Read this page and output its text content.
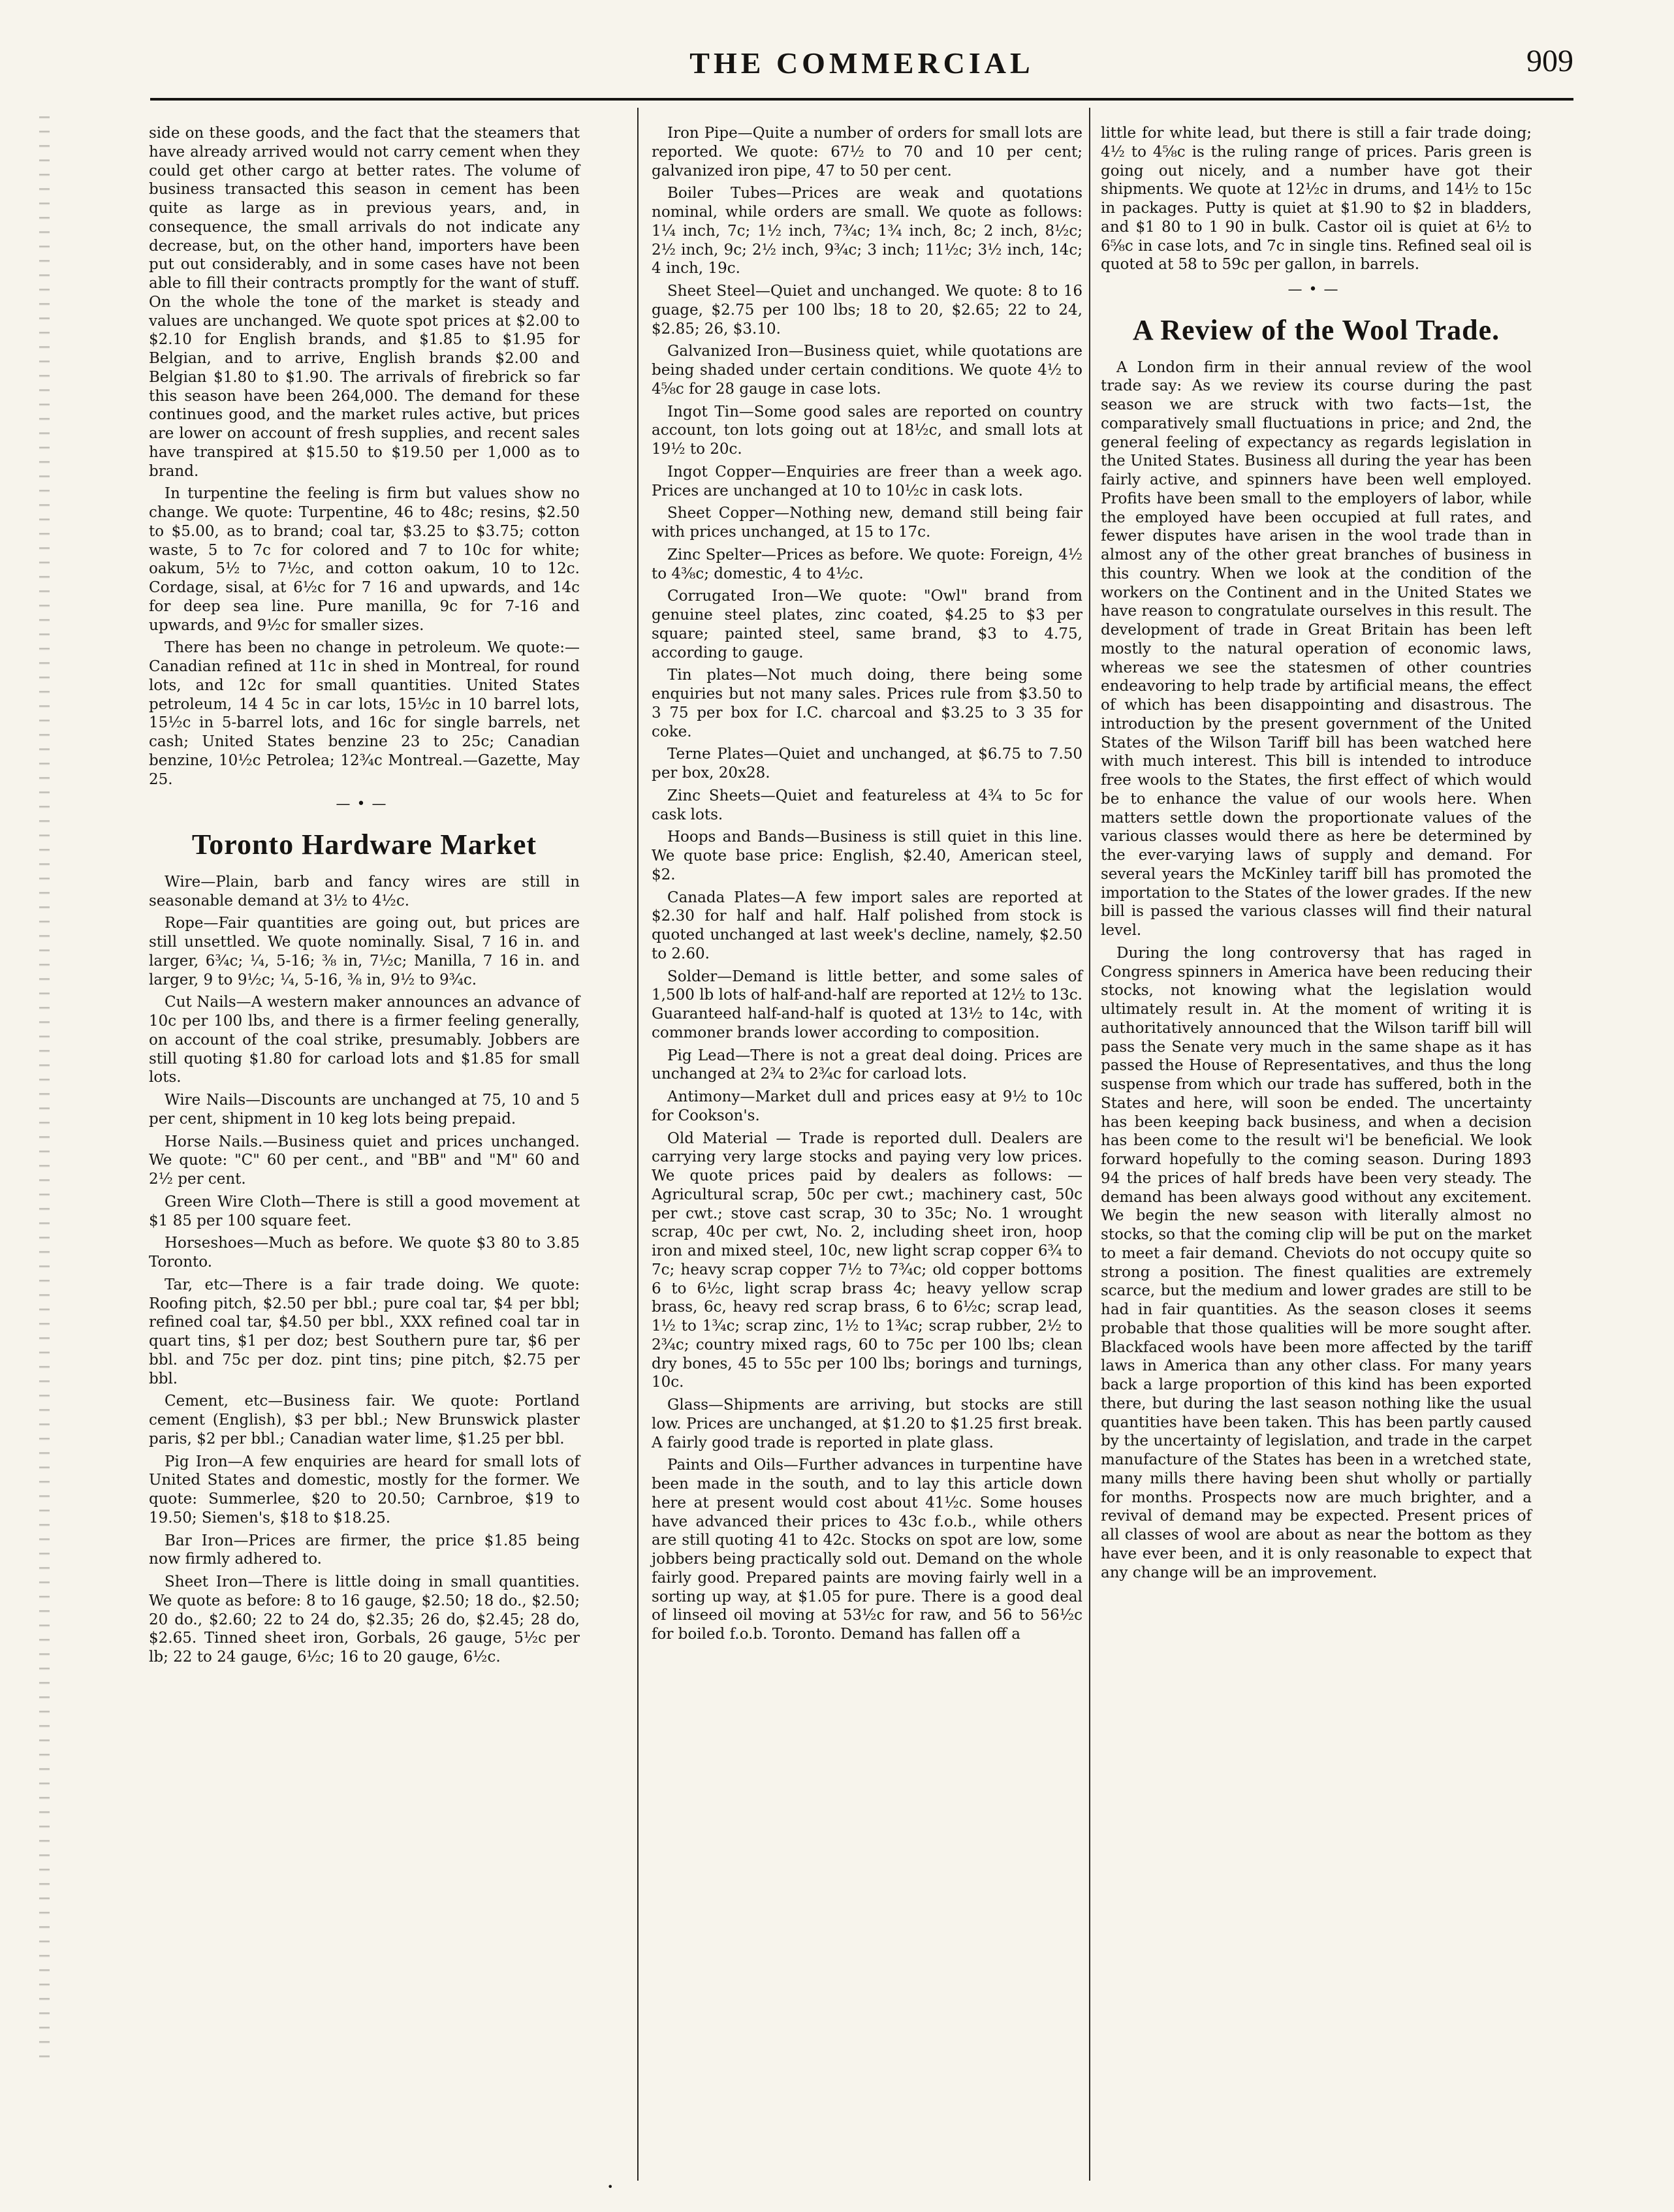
THE COMMERCIAL	909

side on these goods, and the fact that the steamers that have already arrived would not carry cement when they could get other cargo at better rates. The volume of business transacted this season in cement has been quite as large as in previous years, and, in consequence, the small arrivals do not indicate any decrease, but, on the other hand, importers have been put out considerably, and in some cases have not been able to fill their contracts promptly for the want of stuff. On the whole the tone of the market is steady and values are unchanged. We quote spot prices at $2.00 to $2.10 for English brands, and $1.85 to $1.95 for Belgian, and to arrive, English brands $2.00 and Belgian $1.80 to $1.90. The arrivals of firebrick so far this season have been 264,000. The demand for these continues good, and the market rules active, but prices are lower on account of fresh supplies, and recent sales have transpired at $15.50 to $19.50 per 1,000 as to brand.

In turpentine the feeling is firm but values show no change. We quote: Turpentine, 46 to 48c; resins, $2.50 to $5.00, as to brand; coal tar, $3.25 to $3.75; cotton waste, 5 to 7c for colored and 7 to 10c for white; oakum, 5½ to 7½c, and cotton oakum, 10 to 12c. Cordage, sisal, at 6½c for 7 16 and upwards, and 14c for deep sea line. Pure manilla, 9c for 7-16 and upwards, and 9½c for smaller sizes.

There has been no change in petroleum. We quote:—Canadian refined at 11c in shed in Montreal, for round lots, and 12c for small quantities. United States petroleum, 14 4 5c in car lots, 15½c in 10 barrel lots, 15½c in 5-barrel lots, and 16c for single barrels, net cash; United States benzine 23 to 25c; Canadian benzine, 10½c Petrolea; 12¾c Montreal.—Gazette, May 25.

—•—
Toronto Hardware Market

Wire—Plain, barb and fancy wires are still in seasonable demand at 3½ to 4½c.

Rope—Fair quantities are going out, but prices are still unsettled. We quote nominally. Sisal, 7 16 in. and larger, 6¾c; ¼, 5-16; ⅜ in, 7½c; Manilla, 7 16 in. and larger, 9 to 9½c; ¼, 5-16, ⅜ in, 9½ to 9¾c.

Cut Nails—A western maker announces an advance of 10c per 100 lbs, and there is a firmer feeling generally, on account of the coal strike, presumably. Jobbers are still quoting $1.80 for carload lots and $1.85 for small lots.

Wire Nails—Discounts are unchanged at 75, 10 and 5 per cent, shipment in 10 keg lots being prepaid.

Horse Nails.—Business quiet and prices unchanged. We quote: "C" 60 per cent., and "BB" and "M" 60 and 2½ per cent.

Green Wire Cloth—There is still a good movement at $1 85 per 100 square feet.

Horseshoes—Much as before. We quote $3 80 to 3.85 Toronto.

Tar, etc—There is a fair trade doing. We quote: Roofing pitch, $2.50 per bbl.; pure coal tar, $4 per bbl; refined coal tar, $4.50 per bbl., XXX refined coal tar in quart tins, $1 per doz; best Southern pure tar, $6 per bbl. and 75c per doz. pint tins; pine pitch, $2.75 per bbl.

Cement, etc—Business fair. We quote: Portland cement (English), $3 per bbl.; New Brunswick plaster paris, $2 per bbl.; Canadian water lime, $1.25 per bbl.

Pig Iron—A few enquiries are heard for small lots of United States and domestic, mostly for the former. We quote: Summerlee, $20 to 20.50; Carnbroe, $19 to 19.50; Siemen's, $18 to $18.25.

Bar Iron—Prices are firmer, the price $1.85 being now firmly adhered to.

Sheet Iron—There is little doing in small quantities. We quote as before: 8 to 16 gauge, $2.50; 18 do., $2.50; 20 do., $2.60; 22 to 24 do, $2.35; 26 do, $2.45; 28 do, $2.65. Tinned sheet iron, Gorbals, 26 gauge, 5½c per lb; 22 to 24 gauge, 6½c; 16 to 20 gauge, 6½c.

Iron Pipe—Quite a number of orders for small lots are reported. We quote: 67½ to 70 and 10 per cent; galvanized iron pipe, 47 to 50 per cent.

Boiler Tubes—Prices are weak and quotations nominal, while orders are small. We quote as follows: 1¼ inch, 7c; 1½ inch, 7¾c; 1¾ inch, 8c; 2 inch, 8½c; 2½ inch, 9c; 2½ inch, 9¾c; 3 inch; 11½c; 3½ inch, 14c; 4 inch, 19c.

Sheet Steel—Quiet and unchanged. We quote: 8 to 16 guage, $2.75 per 100 lbs; 18 to 20, $2.65; 22 to 24, $2.85; 26, $3.10.

Galvanized Iron—Business quiet, while quotations are being shaded under certain conditions. We quote 4½ to 4⅝c for 28 gauge in case lots.

Ingot Tin—Some good sales are reported on country account, ton lots going out at 18½c, and small lots at 19½ to 20c.

Ingot Copper—Enquiries are freer than a week ago. Prices are unchanged at 10 to 10½c in cask lots.

Sheet Copper—Nothing new, demand still being fair with prices unchanged, at 15 to 17c.

Zinc Spelter—Prices as before. We quote: Foreign, 4½ to 4⅜c; domestic, 4 to 4½c.

Corrugated Iron—We quote: "Owl" brand from genuine steel plates, zinc coated, $4.25 to $3 per square; painted steel, same brand, $3 to 4.75, according to gauge.

Tin plates—Not much doing, there being some enquiries but not many sales. Prices rule from $3.50 to 3 75 per box for I.C. charcoal and $3.25 to 3 35 for coke.

Terne Plates—Quiet and unchanged, at $6.75 to 7.50 per box, 20x28.

Zinc Sheets—Quiet and featureless at 4¾ to 5c for cask lots.

Hoops and Bands—Business is still quiet in this line. We quote base price: English, $2.40, American steel, $2.

Canada Plates—A few import sales are reported at $2.30 for half and half. Half polished from stock is quoted unchanged at last week's decline, namely, $2.50 to 2.60.

Solder—Demand is little better, and some sales of 1,500 lb lots of half-and-half are reported at 12½ to 13c. Guaranteed half-and-half is quoted at 13½ to 14c, with commoner brands lower according to composition.

Pig Lead—There is not a great deal doing. Prices are unchanged at 2¾ to 2¾c for carload lots.

Antimony—Market dull and prices easy at 9½ to 10c for Cookson's.

Old Material — Trade is reported dull. Dealers are carrying very large stocks and paying very low prices. We quote prices paid by dealers as follows: —Agricultural scrap, 50c per cwt.; machinery cast, 50c per cwt.; stove cast scrap, 30 to 35c; No. 1 wrought scrap, 40c per cwt, No. 2, including sheet iron, hoop iron and mixed steel, 10c, new light scrap copper 6¾ to 7c; heavy scrap copper 7½ to 7¾c; old copper bottoms 6 to 6½c, light scrap brass 4c; heavy yellow scrap brass, 6c, heavy red scrap brass, 6 to 6½c; scrap lead, 1½ to 1¾c; scrap zinc, 1½ to 1¾c; scrap rubber, 2½ to 2¾c; country mixed rags, 60 to 75c per 100 lbs; clean dry bones, 45 to 55c per 100 lbs; borings and turnings, 10c.

Glass—Shipments are arriving, but stocks are still low. Prices are unchanged, at $1.20 to $1.25 first break. A fairly good trade is reported in plate glass.

Paints and Oils—Further advances in turpentine have been made in the south, and to lay this article down here at present would cost about 41½c. Some houses have advanced their prices to 43c f.o.b., while others are still quoting 41 to 42c. Stocks on spot are low, some jobbers being practically sold out. Demand on the whole fairly good. Prepared paints are moving fairly well in a sorting up way, at $1.05 for pure. There is a good deal of linseed oil moving at 53½c for raw, and 56 to 56½c for boiled f.o.b. Toronto. Demand has fallen off a

little for white lead, but there is still a fair trade doing; 4½ to 4⅝c is the ruling range of prices. Paris green is going out nicely, and a number have got their shipments. We quote at 12½c in drums, and 14½ to 15c in packages. Putty is quiet at $1.90 to $2 in bladders, and $1 80 to 1 90 in bulk. Castor oil is quiet at 6½ to 6⅝c in case lots, and 7c in single tins. Refined seal oil is quoted at 58 to 59c per gallon, in barrels.

—•—
A Review of the Wool Trade.

A London firm in their annual review of the wool trade say: As we review its course during the past season we are struck with two facts—1st, the comparatively small fluctuations in price; and 2nd, the general feeling of expectancy as regards legislation in the United States. Business all during the year has been fairly active, and spinners have been well employed. Profits have been small to the employers of labor, while the employed have been occupied at full rates, and fewer disputes have arisen in the wool trade than in almost any of the other great branches of business in this country. When we look at the condition of the workers on the Continent and in the United States we have reason to congratulate ourselves in this result. The development of trade in Great Britain has been left mostly to the natural operation of economic laws, whereas we see the statesmen of other countries endeavoring to help trade by artificial means, the effect of which has been disappointing and disastrous. The introduction by the present government of the United States of the Wilson Tariff bill has been watched here with much interest. This bill is intended to introduce free wools to the States, the first effect of which would be to enhance the value of our wools here. When matters settle down the proportionate values of the various classes would there as here be determined by the ever-varying laws of supply and demand. For several years the McKinley tariff bill has promoted the importation to the States of the lower grades. If the new bill is passed the various classes will find their natural level.

During the long controversy that has raged in Congress spinners in America have been reducing their stocks, not knowing what the legislation would ultimately result in. At the moment of writing it is authoritatively announced that the Wilson tariff bill will pass the Senate very much in the same shape as it has passed the House of Representatives, and thus the long suspense from which our trade has suffered, both in the States and here, will soon be ended. The uncertainty has been keeping back business, and when a decision has been come to the result wi'l be beneficial. We look forward hopefully to the coming season. During 1893 94 the prices of half breds have been very steady. The demand has been always good without any excitement. We begin the new season with literally almost no stocks, so that the coming clip will be put on the market to meet a fair demand. Cheviots do not occupy quite so strong a position. The finest qualities are extremely scarce, but the medium and lower grades are still to be had in fair quantities. As the season closes it seems probable that those qualities will be more sought after. Blackfaced wools have been more affected by the tariff laws in America than any other class. For many years back a large proportion of this kind has been exported there, but during the last season nothing like the usual quantities have been taken. This has been partly caused by the uncertainty of legislation, and trade in the carpet manufacture of the States has been in a wretched state, many mills there having been shut wholly or partially for months. Prospects now are much brighter, and a revival of demand may be expected. Present prices of all classes of wool are about as near the bottom as they have ever been, and it is only reasonable to expect that any change will be an improvement.

•
